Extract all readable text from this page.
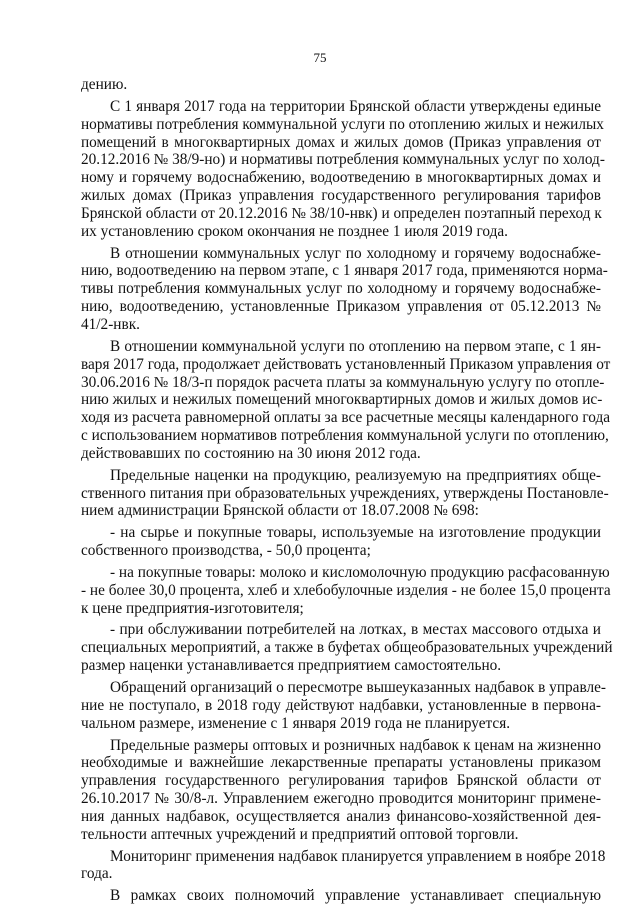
75
дению.
С 1 января 2017 года на территории Брянской области утверждены единые
нормативы потребления коммунальной услуги по отоплению жилых и нежилых
помещений в многоквартирных домах и жилых домов (Приказ управления от
20.12.2016 № 38/9-но) и нормативы потребления коммунальных услуг по холод-
ному и горячему водоснабжению, водоотведению в многоквартирных домах и
жилых домах (Приказ управления государственного регулирования тарифов
Брянской области от 20.12.2016 № 38/10-нвк) и определен поэтапный переход к
их установлению сроком окончания не позднее 1 июля 2019 года.
В отношении коммунальных услуг по холодному и горячему водоснабже-
нию, водоотведению на первом этапе, с 1 января 2017 года, применяются норма-
тивы потребления коммунальных услуг по холодному и горячему водоснабже-
нию, водоотведению, установленные Приказом управления от 05.12.2013 №
41/2-нвк.
В отношении коммунальной услуги по отоплению на первом этапе, с 1 ян-
варя 2017 года, продолжает действовать установленный Приказом управления от
30.06.2016 № 18/3-п порядок расчета платы за коммунальную услугу по отопле-
нию жилых и нежилых помещений многоквартирных домов и жилых домов ис-
ходя из расчета равномерной оплаты за все расчетные месяцы календарного года
с использованием нормативов потребления коммунальной услуги по отоплению,
действовавших по состоянию на 30 июня 2012 года.
Предельные наценки на продукцию, реализуемую на предприятиях обще-
ственного питания при образовательных учреждениях, утверждены Постановле-
нием администрации Брянской области от 18.07.2008 № 698:
- на сырье и покупные товары, используемые на изготовление продукции
собственного производства, - 50,0 процента;
- на покупные товары: молоко и кисломолочную продукцию расфасованную
- не более 30,0 процента, хлеб и хлебобулочные изделия - не более 15,0 процента
к цене предприятия-изготовителя;
- при обслуживании потребителей на лотках, в местах массового отдыха и
специальных мероприятий, а также в буфетах общеобразовательных учреждений
размер наценки устанавливается предприятием самостоятельно.
Обращений организаций о пересмотре вышеуказанных надбавок в управле-
ние не поступало, в 2018 году действуют надбавки, установленные в первона-
чальном размере, изменение с 1 января 2019 года не планируется.
Предельные размеры оптовых и розничных надбавок к ценам на жизненно
необходимые и важнейшие лекарственные препараты установлены приказом
управления государственного регулирования тарифов Брянской области от
26.10.2017 № 30/8-л. Управлением ежегодно проводится мониторинг примене-
ния данных надбавок, осуществляется анализ финансово-хозяйственной дея-
тельности аптечных учреждений и предприятий оптовой торговли.
Мониторинг применения надбавок планируется управлением в ноябре 2018
года.
В рамках своих полномочий управление устанавливает специальную
